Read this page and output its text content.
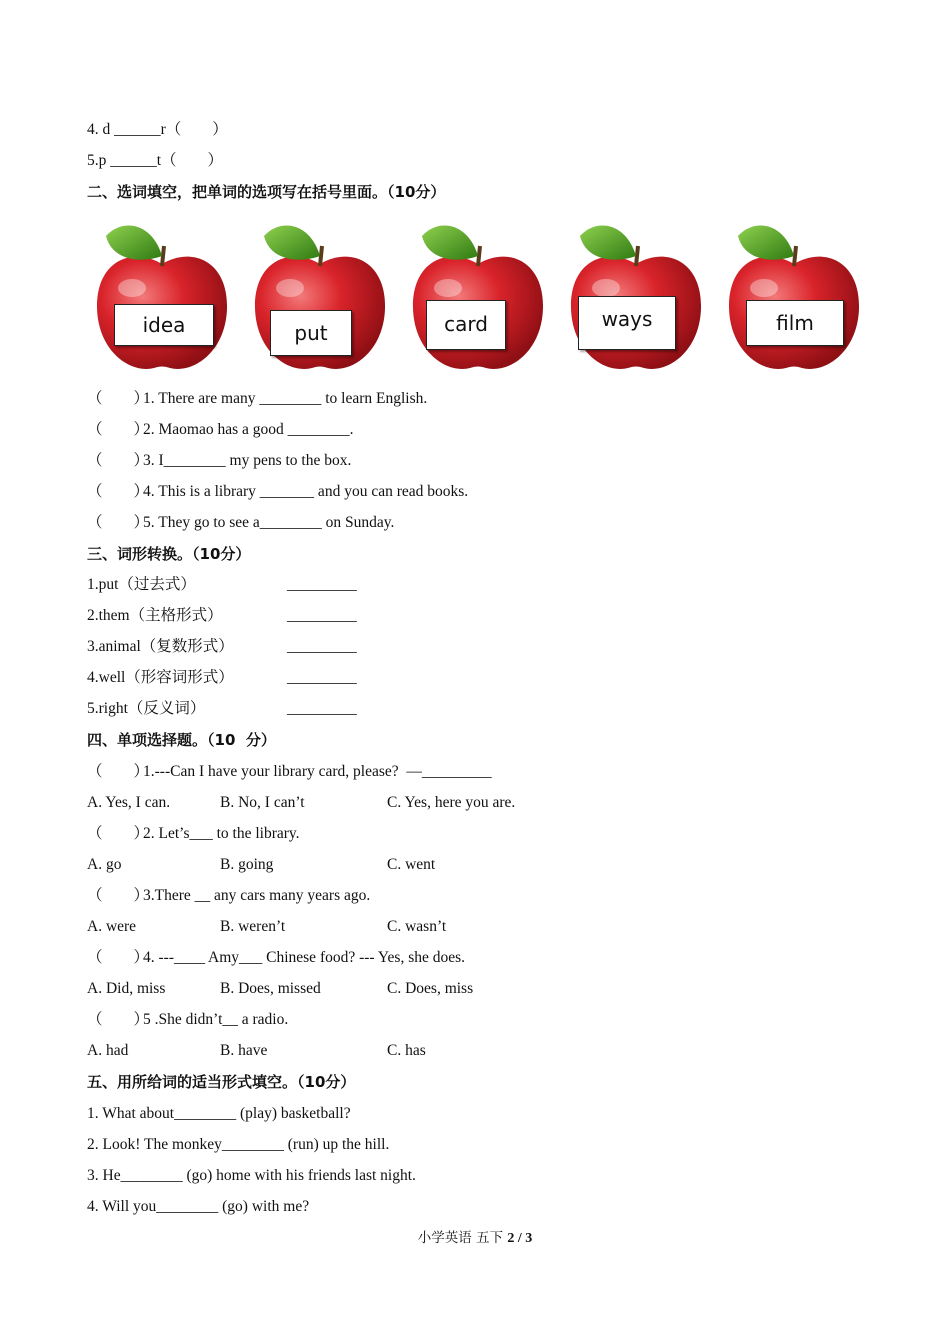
4. d ______r（        ）
5.p ______t（        ）
二、选词填空，把单词的选项写在括号里面。（10分）
idea	put	card	ways	film
（        ）1. There are many ________ to learn English.
（        ）2. Maomao has a good ________.
（        ）3. I________ my pens to the box.
（        ）4. This is a library _______ and you can read books.
（        ）5. They go to see a________ on Sunday.
三、词形转换。（10分）
1.put（过去式）	_________
2.them（主格形式）	_________
3.animal（复数形式）	_________
4.well（形容词形式）	_________
5.right（反义词）	_________
四、单项选择题。（10  分）
（        ）1.---Can I have your library card, please?  —_________
A. Yes, I can.	B. No, I can’t	C. Yes, here you are.
（        ）2. Let’s___ to the library.
A. go	B. going	C. went
（        ）3.There __ any cars many years ago.
A. were	B. weren’t	C. wasn’t
（        ）4. ---____ Amy___ Chinese food? --- Yes, she does.
A. Did, miss	B. Does, missed	C. Does, miss
（        ）5 .She didn’t__ a radio.
A. had	B. have	C. has
五、用所给词的适当形式填空。（10分）
1. What about________ (play) basketball?
2. Look! The monkey________ (run) up the hill.
3. He________ (go) home with his friends last night.
4. Will you________ (go) with me?
小学英语 五下 2 / 3
